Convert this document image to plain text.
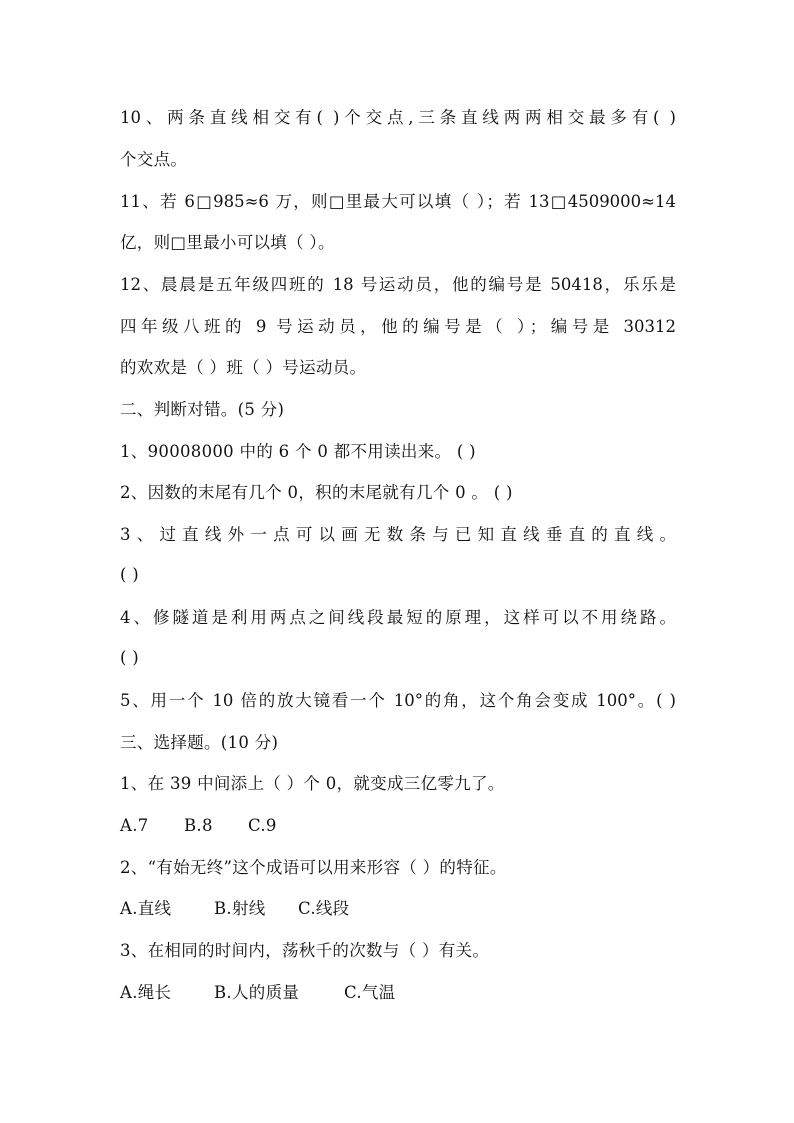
10、两条直线相交有( )个交点,三条直线两两相交最多有( )
个交点。
11、若 6□985≈6 万，则□里最大可以填（ ）；若 13□4509000≈14
亿，则□里最小可以填（ ）。
12、晨晨是五年级四班的 18 号运动员，他的编号是 50418，乐乐是
四年级八班的 9 号运动员，他的编号是（ ）；编号是 30312
的欢欢是（ ）班（ ）号运动员。
二、判断对错。(5 分)
1、90008000 中的 6 个 0 都不用读出来。 ( )
2、因数的末尾有几个 0，积的末尾就有几个 0 。 ( )
3、过直线外一点可以画无数条与已知直线垂直的直线。
( )
4、修隧道是利用两点之间线段最短的原理，这样可以不用绕路。
( )
5、用一个 10 倍的放大镜看一个 10°的角，这个角会变成 100°。( )
三、选择题。(10 分)
1、在 39 中间添上（ ）个 0，就变成三亿零九了。
A.7 B.8 C.9
2、“有始无终”这个成语可以用来形容（ ）的特征。
A.直线	B.射线 C.线段
3、在相同的时间内，荡秋千的次数与（ ）有关。
A.绳长	B.人的质量	C.气温
